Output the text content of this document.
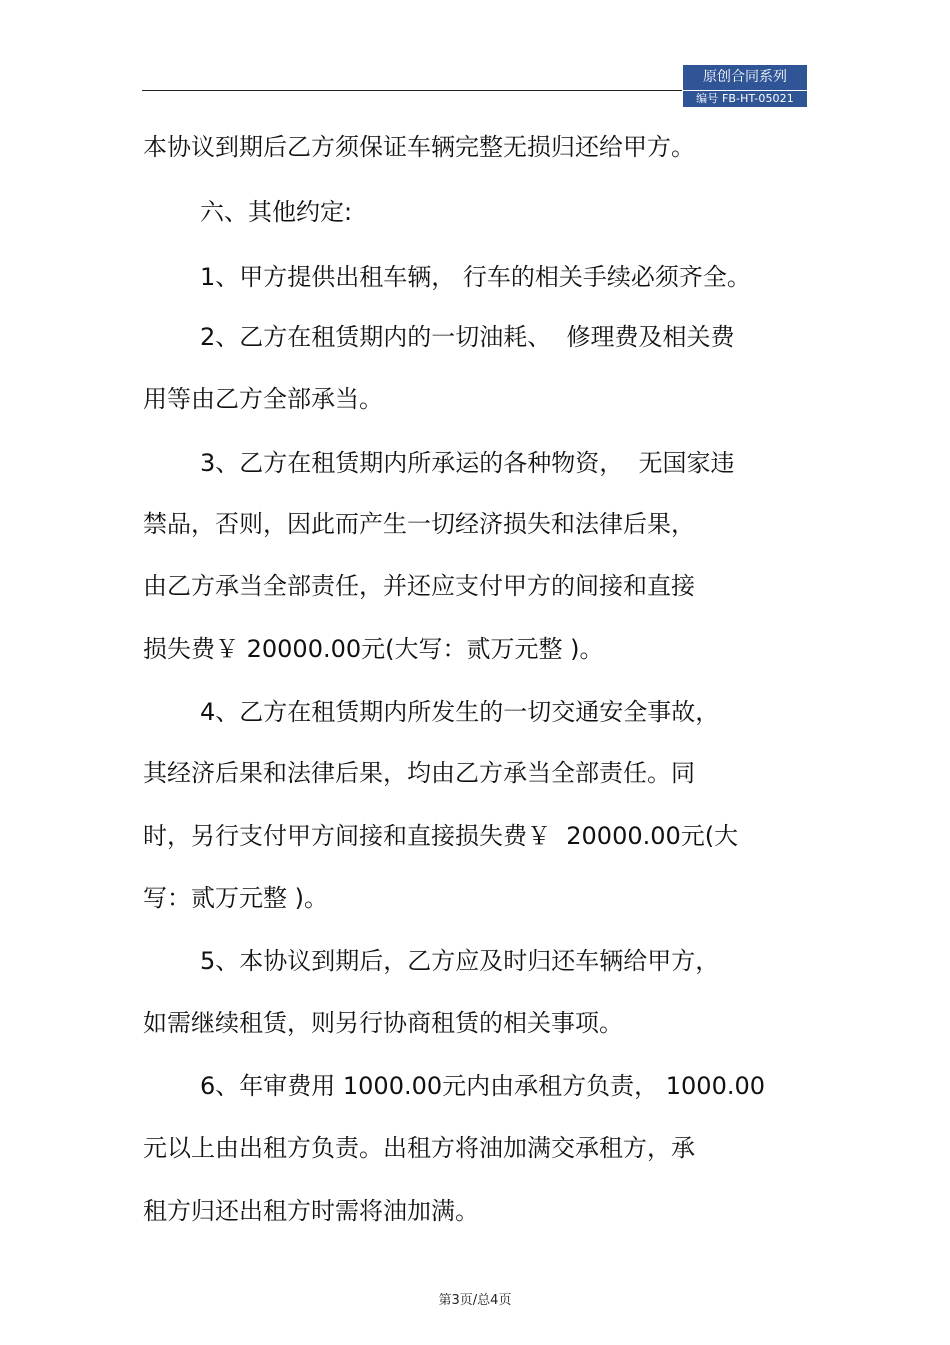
原创合同系列
编号 FB-HT-05021
本协议到期后乙方须保证车辆完整无损归还给甲方。
六、其他约定:
1、甲方提供出租车辆， 行车的相关手续必须齐全。
2、乙方在租赁期内的一切油耗、  修理费及相关费
用等由乙方全部承当。
3、乙方在租赁期内所承运的各种物资，  无国家违
禁品，否则，因此而产生一切经济损失和法律后果，
由乙方承当全部责任，并还应支付甲方的间接和直接
损失费￥ 20000.00元(大写：贰万元整 )。
4、乙方在租赁期内所发生的一切交通安全事故，
其经济后果和法律后果，均由乙方承当全部责任。同
时，另行支付甲方间接和直接损失费￥  20000.00元(大
写：贰万元整 )。
5、本协议到期后，乙方应及时归还车辆给甲方，
如需继续租赁，则另行协商租赁的相关事项。
6、年审费用 1000.00元内由承租方负责， 1000.00
元以上由出租方负责。出租方将油加满交承租方，承
租方归还出租方时需将油加满。
第3页/总4页
